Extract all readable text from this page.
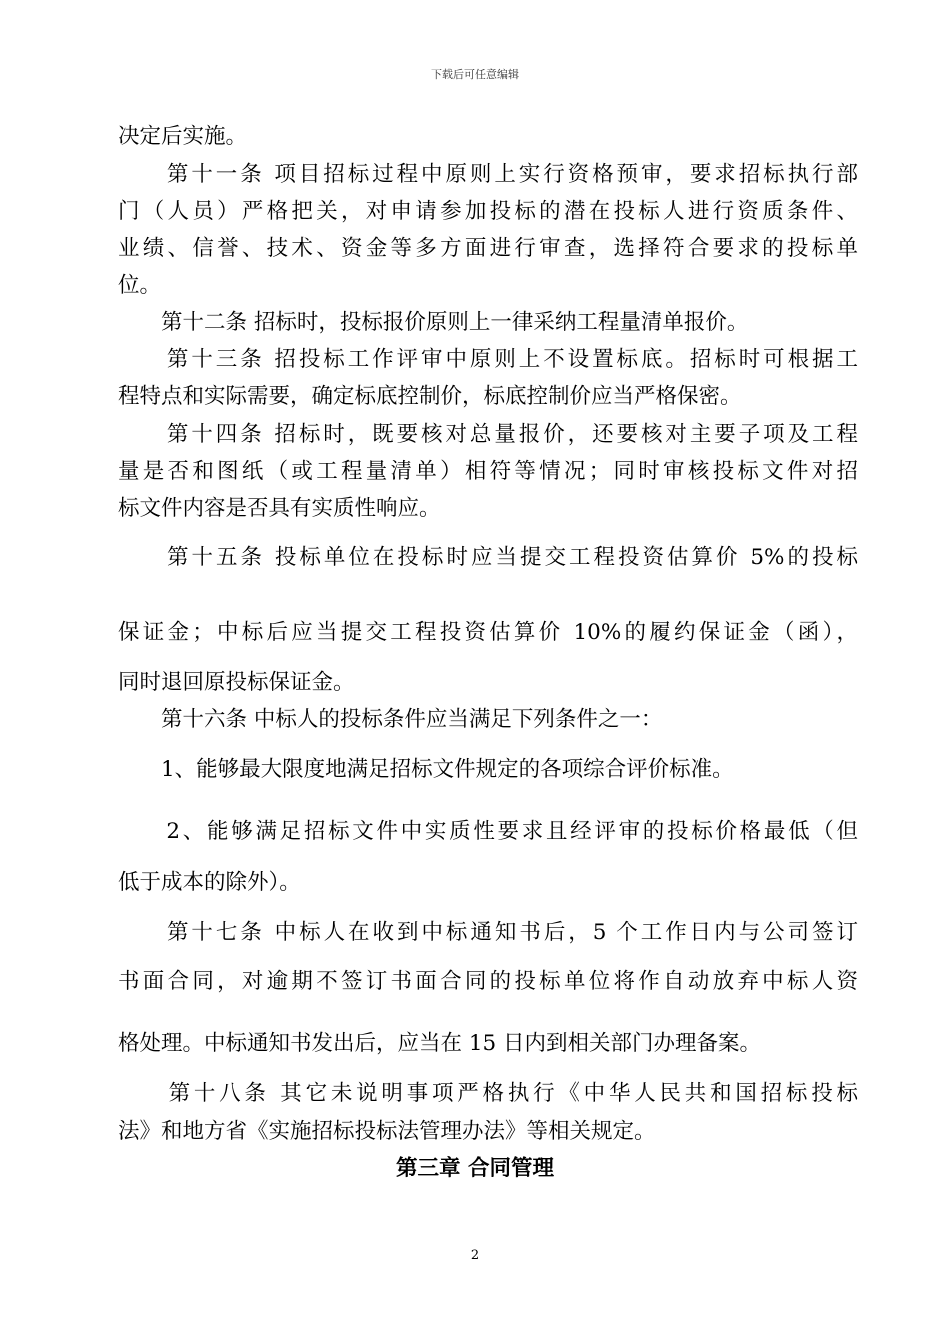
下载后可任意编辑
决定后实施。
　　第十一条 项目招标过程中原则上实行资格预审，要求招标执行部
门（人员）严格把关，对申请参加投标的潜在投标人进行资质条件、
业绩、信誉、技术、资金等多方面进行审查，选择符合要求的投标单
位。
　　第十二条 招标时，投标报价原则上一律采纳工程量清单报价。
　　第十三条 招投标工作评审中原则上不设置标底。招标时可根据工
程特点和实际需要，确定标底控制价，标底控制价应当严格保密。
　　第十四条 招标时，既要核对总量报价，还要核对主要子项及工程
量是否和图纸（或工程量清单）相符等情况；同时审核投标文件对招
标文件内容是否具有实质性响应。
　　第十五条 投标单位在投标时应当提交工程投资估算价 5%的投标
保证金；中标后应当提交工程投资估算价 10%的履约保证金（函），
同时退回原投标保证金。
　　第十六条 中标人的投标条件应当满足下列条件之一：
　　1、能够最大限度地满足招标文件规定的各项综合评价标准。
　　2、能够满足招标文件中实质性要求且经评审的投标价格最低（但
低于成本的除外）。
　　第十七条 中标人在收到中标通知书后，5 个工作日内与公司签订
书面合同，对逾期不签订书面合同的投标单位将作自动放弃中标人资
格处理。中标通知书发出后，应当在 15 日内到相关部门办理备案。
　　第十八条 其它未说明事项严格执行《中华人民共和国招标投标
法》和地方省《实施招标投标法管理办法》等相关规定。
第三章 合同管理
2
